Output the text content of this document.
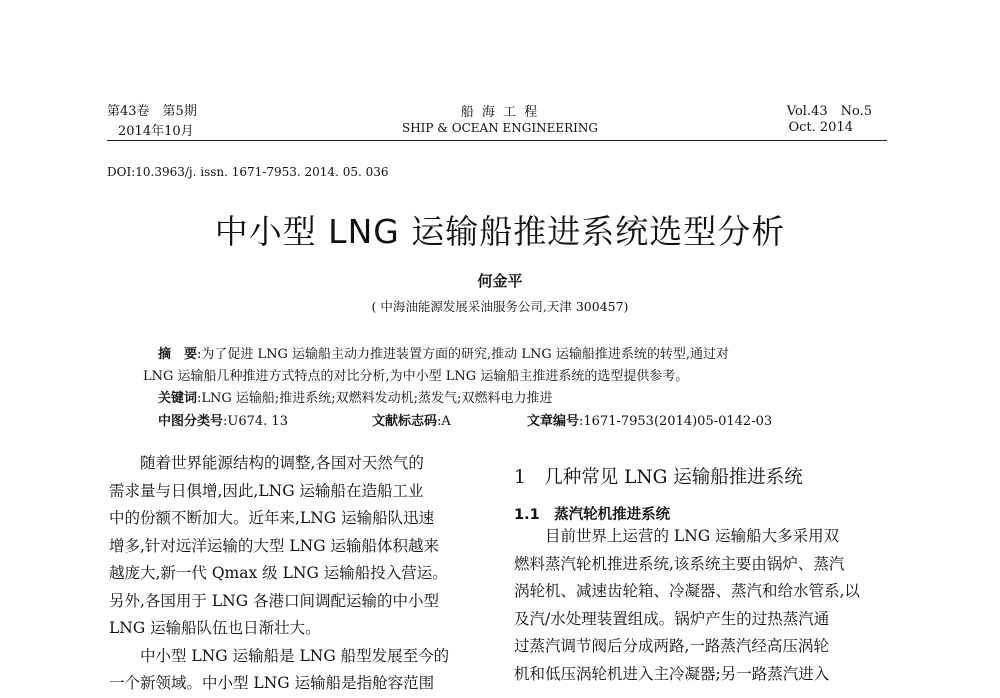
第43卷　第5期
2014年10月
船 海 工 程
SHIP & OCEAN ENGINEERING
Vol.43　No.5
Oct. 2014
DOI:10.3963/j. issn. 1671-7953. 2014. 05. 036
中小型 LNG 运输船推进系统选型分析
何金平
( 中海油能源发展采油服务公司,天津 300457)
摘　要:为了促进 LNG 运输船主动力推进装置方面的研究,推动 LNG 运输船推进系统的转型,通过对
LNG 运输船几种推进方式特点的对比分析,为中小型 LNG 运输船主推进系统的选型提供参考。
关键词:LNG 运输船;推进系统;双燃料发动机;蒸发气;双燃料电力推进
中图分类号:U674. 13	文献标志码:A	文章编号:1671-7953(2014)05-0142-03

随着世界能源结构的调整,各国对天然气的

需求量与日俱增,因此,LNG 运输船在造船工业

中的份额不断加大。近年来,LNG 运输船队迅速

增多,针对远洋运输的大型 LNG 运输船体积越来

越庞大,新一代 Qmax 级 LNG 运输船投入营运。

另外,各国用于 LNG 各港口间调配运输的中小型

LNG 运输船队伍也日渐壮大。

中小型 LNG 运输船是 LNG 船型发展至今的

一个新领域。中小型 LNG 运输船是指舱容范围

1　几种常见 LNG 运输船推进系统
1.1　蒸汽轮机推进系统

目前世界上运营的 LNG 运输船大多采用双

燃料蒸汽轮机推进系统,该系统主要由锅炉、蒸汽

涡轮机、减速齿轮箱、冷凝器、蒸汽和给水管系,以

及汽/水处理装置组成。锅炉产生的过热蒸汽通

过蒸汽调节阀后分成两路,一路蒸汽经高压涡轮

机和低压涡轮机进入主冷凝器;另一路蒸汽进入
